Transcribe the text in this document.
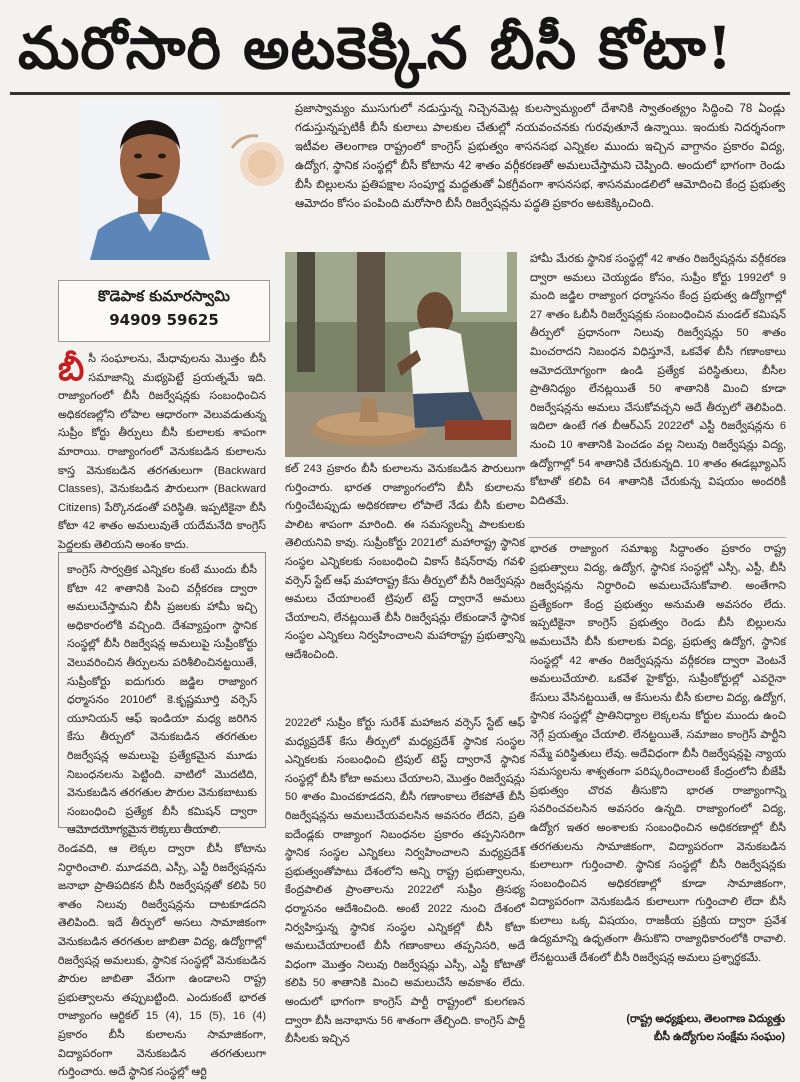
మరోసారి అటకెక్కిన బీసీ కోటా!
కొడెపాక కుమారస్వామి
94909 59625
ప్రజాస్వామ్యం ముసుగులో నడుస్తున్న నిచ్చెనమెట్ల కులస్వామ్యంలో దేశానికి స్వాతంత్య్రం సిద్ధించి 78 ఏండ్లు గడుస్తున్నప్పటికీ బీసీ కులాలు పాలకుల చేతుల్లో నయవంచనకు గురవుతూనే ఉన్నాయి. ఇందుకు నిదర్శనంగా ఇటీవల తెలంగాణ రాష్ట్రంలో కాంగ్రెస్ ప్రభుత్వం శాసనసభ ఎన్నికల ముందు ఇచ్చిన వాగ్దానం ప్రకారం విద్య, ఉద్యోగ, స్థానిక సంస్థల్లో బీసీ కోటాను 42 శాతం వర్గీకరణతో అమలుచేస్తామని చెప్పింది. అందులో భాగంగా రెండు బీసీ బిల్లులను ప్రతిపక్షాల సంపూర్ణ మద్దతుతో ఏకగ్రీవంగా శాసనసభ, శాసనమండలిలో ఆమోదించి కేంద్ర ప్రభుత్వ ఆమోదం కోసం పంపింది మరోసారి బీసీ రిజర్వేషన్లను పద్ధతి ప్రకారం అటకెక్కించింది.
బీ సీ సంఘాలను, మేధావులను మొత్తం బీసీ సమాజాన్ని మభ్యపెట్టే ప్రయత్నమే ఇది. రాజ్యాంగంలో బీసీ రిజర్వేషన్లకు సంబంధించిన అధికరణల్లోని లోపాల ఆధారంగా వెలువడుతున్న సుప్రీం కోర్టు తీర్పులు బీసీ కులాలకు శాపంగా మారాయి. రాజ్యాంగంలో వెనుకబడిన కులాలను కాస్త వెనుకబడిన తరగతులుగా (Backward Classes), వెనుకబడిన పౌరులుగా (Backward Citizens) పేర్కొనడంతో పరిస్థితి. ఇప్పటికైనా బీసీ కోటా 42 శాతం అమలువుతే యదేమనేది కాంగ్రెస్ పెద్దలకు తెలియని అంశం కాదు.
కాంగ్రెస్ సార్వత్రిక ఎన్నికల కంటే ముందు బీసీ కోటా 42 శాతానికి పెంచి వర్గీకరణ ద్వారా అమలుచేస్తామని బీసీ ప్రజలకు హామీ ఇచ్చి అధికారంలోకి వచ్చింది. దేశవ్యాప్తంగా స్థానిక సంస్థల్లో బీసీ రిజర్వేషన్ల అమలుపై సుప్రీంకోర్టు వెలువరించిన తీర్పులను పరిశీలించినట్టయితే, సుప్రీంకోర్టు ఐదుగురు జడ్జిల రాజ్యాంగ ధర్మాసనం 2010లో కె.కృష్ణమూర్తి వర్సెస్ యూనియన్ ఆఫ్ ఇండియా మధ్య జరిగిన కేసు తీర్పులో వెనుకబడిన తరగతుల రిజర్వేషన్ల అమలుపై ప్రత్యేకమైన మూడు నిబంధనలను పెట్టింది. వాటిలో మొదటిది, వెనుకబడిన తరగతుల పౌరుల వెనుకబాటుకు సంబంధించి ప్రత్యేక బీసీ కమిషన్ ద్వారా ఆమోదయోగ్యమైన లెక్కలు తీయాలి.
రెండవది, ఆ లెక్కల ద్వారా బీసీ కోటాను నిర్ధారించాలి. మూడవది, ఎస్సీ, ఎస్టీ రిజర్వేషన్లను జనాభా ప్రాతిపదికన బీసీ రిజర్వేషన్లతో కలిపి 50 శాతం నిలువు రిజర్వేషన్లను దాటకూడదని తెలిపింది. ఇదే తీర్పులో అసలు సామాజికంగా వెనుకబడిన తరగతుల జాబితా విద్య, ఉద్యోగాల్లో రిజర్వేషన్ల అమలుకు, స్థానిక సంస్థల్లో వెనుకబడిన పౌరుల జాబితా వేరుగా ఉండాలని రాష్ట్ర ప్రభుత్వాలను తప్పుబట్టింది. ఎందుకంటే భారత రాజ్యాంగం ఆర్టికల్ 15 (4), 15 (5), 16 (4) ప్రకారం బీసీ కులాలను సామాజికంగా, విద్యాపరంగా వెనుకబడిన తరగతులుగా గుర్తించారు. అదే స్థానిక సంస్థల్లో ఆర్టి
కల్ 243 ప్రకారం బీసీ కులాలను వెనుకబడిన పౌరులుగా గుర్తించారు. భారత రాజ్యాంగంలోని బీసీ కులాలను గుర్తించేటప్పుడు అధికరణాల లోపాలే నేడు బీసీ కులాల పాలిట శాపంగా మారింది. ఈ సమస్యలన్నీ పాలకులకు తెలియనివి కావు. సుప్రీంకోర్టు 2021లో మహారాష్ట్ర స్థానిక సంస్థల ఎన్నికలకు సంబంధించి వికాస్ కిషన్‌రావు గవళి వర్సెస్ స్టేట్ ఆఫ్ మహారాష్ట్ర కేసు తీర్పులో బీసీ రిజర్వేషన్లు అమలు చేయాలంటే ట్రిపుల్ టెస్ట్ ద్వారానే అమలు చేయాలని, లేనట్లయితే బీసీ రిజర్వేషన్లు లేకుండానే స్థానిక సంస్థల ఎన్నికలు నిర్వహించాలని మహారాష్ట్ర ప్రభుత్వాన్ని ఆదేశించింది.
2022లో సుప్రీం కోర్టు సురేశ్ మహాజన వర్సెస్ స్టేట్ ఆఫ్ మధ్యప్రదేశ్ కేసు తీర్పులో మధ్యప్రదేశ్ స్థానిక సంస్థల ఎన్నికలకు సంబంధించి ట్రిపుల్ టెస్ట్ ద్వారానే స్థానిక సంస్థల్లో బీసీ కోటా అమలు చేయాలని, మొత్తం రిజర్వేషన్లు 50 శాతం మించకూడదని, బీసీ గణాంకాలు లేకపోతే బీసీ రిజర్వేషన్లను అమలుచేయవలసిన అవసరం లేదని, ప్రతి ఐదేండ్లకు రాజ్యాంగ నిబంధనల ప్రకారం తప్పనిసరిగా స్థానిక సంస్థల ఎన్నికలు నిర్వహించాలని మధ్యప్రదేశ్ ప్రభుత్వంతోపాటు దేశంలోని అన్ని రాష్ట్ర ప్రభుత్వాలను, కేంద్రపాలిత ప్రాంతాలను 2022లో సుప్రీం త్రిసభ్య ధర్మాసనం ఆదేశించింది. అంటే 2022 నుంచి దేశంలో నిర్వహిస్తున్న స్థానిక సంస్థల ఎన్నికల్లో బీసీ కోటా అమలుచేయాలంటే బీసీ గణాంకాలు తప్పనిసరి, అదే విధంగా మొత్తం నిలువు రిజర్వేషన్లు ఎస్సీ, ఎస్టీ కోటాతో కలిపి 50 శాతానికి మించి అమలుచేసే అవకాశం లేదు. అందులో భాగంగా కాంగ్రెస్ పార్టీ రాష్ట్రంలో కులగణన ద్వారా బీసీ జనాభాను 56 శాతంగా తేల్చింది. కాంగ్రెస్ పార్టీ బీసీలకు ఇచ్చిన
హామీ మేరకు స్థానిక సంస్థల్లో 42 శాతం రిజర్వేషన్లను వర్గీకరణ ద్వారా అమలు చెయ్యడం కోసం, సుప్రీం కోర్టు 1992లో 9 మంది జడ్జిల రాజ్యాంగ ధర్మాసనం కేంద్ర ప్రభుత్వ ఉద్యోగాల్లో 27 శాతం ఓబీసీ రిజర్వేషన్లకు సంబంధించిన మండల్ కమిషన్ తీర్పులో ప్రధానంగా నిలువు రిజర్వేషన్లు 50 శాతం మించరాదని నిబంధన విధిస్తూనే, ఒకవేళ బీసీ గణాంకాలు ఆమోదయోగ్యంగా ఉండి ప్రత్యేక పరిస్థితులు, బీసీల ప్రాతినిధ్యం లేనట్లయితే 50 శాతానికి మించి కూడా రిజర్వేషన్లను అమలు చేసుకోవచ్చని అదే తీర్పులో తెలిపింది. ఇదిలా ఉంటే గత బీఆర్ఎస్ 2022లో ఎస్టీ రిజర్వేషన్లను 6 నుంచి 10 శాతానికి పెంచడం వల్ల నిలువు రిజర్వేషన్లు విద్య, ఉద్యోగాల్లో 54 శాతానికి చేరుకున్నది. 10 శాతం ఈడబ్ల్యూఎస్ కోటాతో కలిపి 64 శాతానికి చేరుకున్న విషయం అందరికీ విదితమే.
భారత రాజ్యాంగ సమాఖ్య సిద్ధాంతం ప్రకారం రాష్ట్ర ప్రభుత్వాలు విద్య, ఉద్యోగ, స్థానిక సంస్థల్లో ఎస్సీ, ఎస్టీ, బీసీ రిజర్వేషన్లను నిర్ధారించి అమలుచేసుకోవాలి. అంతేగాని ప్రత్యేకంగా కేంద్ర ప్రభుత్వం అనుమతి అవసరం లేదు. ఇప్పటికైనా కాంగ్రెస్ ప్రభుత్వం రెండు బీసీ బిల్లులను అమలుచేసి బీసీ కులాలకు విద్య, ప్రభుత్వ ఉద్యోగ, స్థానిక సంస్థల్లో 42 శాతం రిజర్వేషన్లను వర్గీకరణ ద్వారా వెంటనే అమలుచేయాలి. ఒకవేళ హైకోర్టు, సుప్రీంకోర్టుల్లో ఎవరైనా కేసులు వేసినట్టయితే, ఆ కేసులను బీసీ కులాల విద్య, ఉద్యోగ, స్థానిక సంస్థల్లో ప్రాతినిధ్యాల లెక్కలను కోర్టుల ముందు ఉంచి నెగ్గే ప్రయత్నం చేయాలి. లేనట్టయితే, సమాజం కాంగ్రెస్ పార్టీని నమ్మే పరిస్థితులు లేవు. అదేవిధంగా బీసీ రిజర్వేషన్లపై న్యాయ సమస్యలను శాశ్వతంగా పరిష్కరించాలంటే కేంద్రంలోని బీజేపీ ప్రభుత్వం చొరవ తీసుకొని భారత రాజ్యాంగాన్ని సవరించవలసిన అవసరం ఉన్నది. రాజ్యాంగంలో విద్య, ఉద్యోగ ఇతర అంశాలకు సంబంధించిన అధికరణాల్లో బీసీ తరగతులను సామాజికంగా, విద్యాపరంగా వెనుకబడిన కులాలుగా గుర్తించాలి. స్థానిక సంస్థల్లో బీసీ రిజర్వేషన్లకు సంబంధించిన అధికరణాల్లో కూడా సామాజికంగా, విద్యాపరంగా వెనుకబడిన కులాలుగా గుర్తించాలి లేదా బీసీ కులాలు ఒక్క విషయం, రాజకీయ ప్రక్రియ ద్వారా ప్రవేశ ఉద్యమాన్ని ఉధృతంగా తీసుకొని రాజ్యాధికారంలోకి రావాలి. లేనట్టయితే దేశంలో బీసీ రిజర్వేషన్ల అమలు ప్రశ్నార్థకమే.
(రాష్ట్ర అధ్యక్షులు, తెలంగాణ విద్యుత్తు
బీసీ ఉద్యోగుల సంక్షేమ సంఘం)
